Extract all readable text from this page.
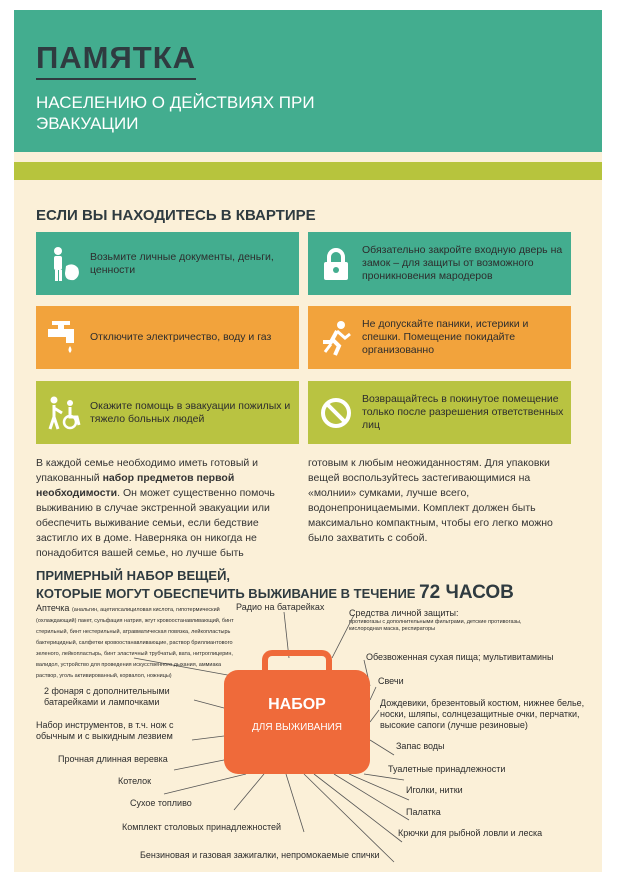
ПАМЯТКА
НАСЕЛЕНИЮ О ДЕЙСТВИЯХ ПРИ ЭВАКУАЦИИ
ЕСЛИ ВЫ НАХОДИТЕСЬ В КВАРТИРЕ
Возьмите личные документы, деньги, ценности
Обязательно закройте входную дверь на замок – для защиты от возможного проникновения мародеров
Отключите электричество, воду и газ
Не допускайте паники, истерики и спешки. Помещение покидайте организованно
Окажите помощь в эвакуации пожилых и тяжело больных людей
Возвращайтесь в покинутое помещение только после разрешения ответственных лиц
В каждой семье необходимо иметь готовый и упакованный набор предметов первой необходимости. Он может существенно помочь выживанию в случае экстренной эвакуации или обеспечить выживание семьи, если бедствие застигло их в доме. Наверняка он никогда не понадобится вашей семье, но лучше быть
готовым к любым неожиданностям. Для упаковки вещей воспользуйтесь застегивающимися на «молнии» сумками, лучше всего, водонепроницаемыми. Комплект должен быть максимально компактным, чтобы его легко можно было захватить с собой.
ПРИМЕРНЫЙ НАБОР ВЕЩЕЙ,
КОТОРЫЕ МОГУТ ОБЕСПЕЧИТЬ ВЫЖИВАНИЕ В ТЕЧЕНИЕ 72 ЧАСОВ
НАБОР
ДЛЯ ВЫЖИВАНИЯ
Аптечка (анальгин, ацетилсалициловая кислота, гипотермический (охлаждающий) пакет, сульфация натрия, жгут кровоостанавливающий, бинт стерильный, бинт нестерильный, атравматическая повязка, лейкопластырь бактерицидный, салфетки кровоостанавливающие, раствор бриллиантового зеленого, лейкопластырь, бинт эластичный трубчатый, вата, нитроглицерин, валидол, устройство для проведения искусственного дыхания, аммиака раствор, уголь активированный, корвалол, ножницы)
Радио на батарейках
Средства личной защиты:
противогазы с дополнительными фильтрами, детские противогазы, кислородная маска, респираторы
Обезвоженная сухая пища; мультивитамины
Свечи
Дождевики, брезентовый костюм, нижнее белье, носки, шляпы, солнцезащитные очки, перчатки, высокие сапоги (лучше резиновые)
Запас воды
Туалетные принадлежности
Иголки, нитки
Палатка
Крючки для рыбной ловли и леска
Бензиновая и газовая зажигалки, непромокаемые спички
Комплект столовых принадлежностей
Сухое топливо
Котелок
Прочная длинная веревка
Набор инструментов, в т.ч. нож с обычным и с выкидным лезвием
2 фонаря с дополнительными батарейками и лампочками
